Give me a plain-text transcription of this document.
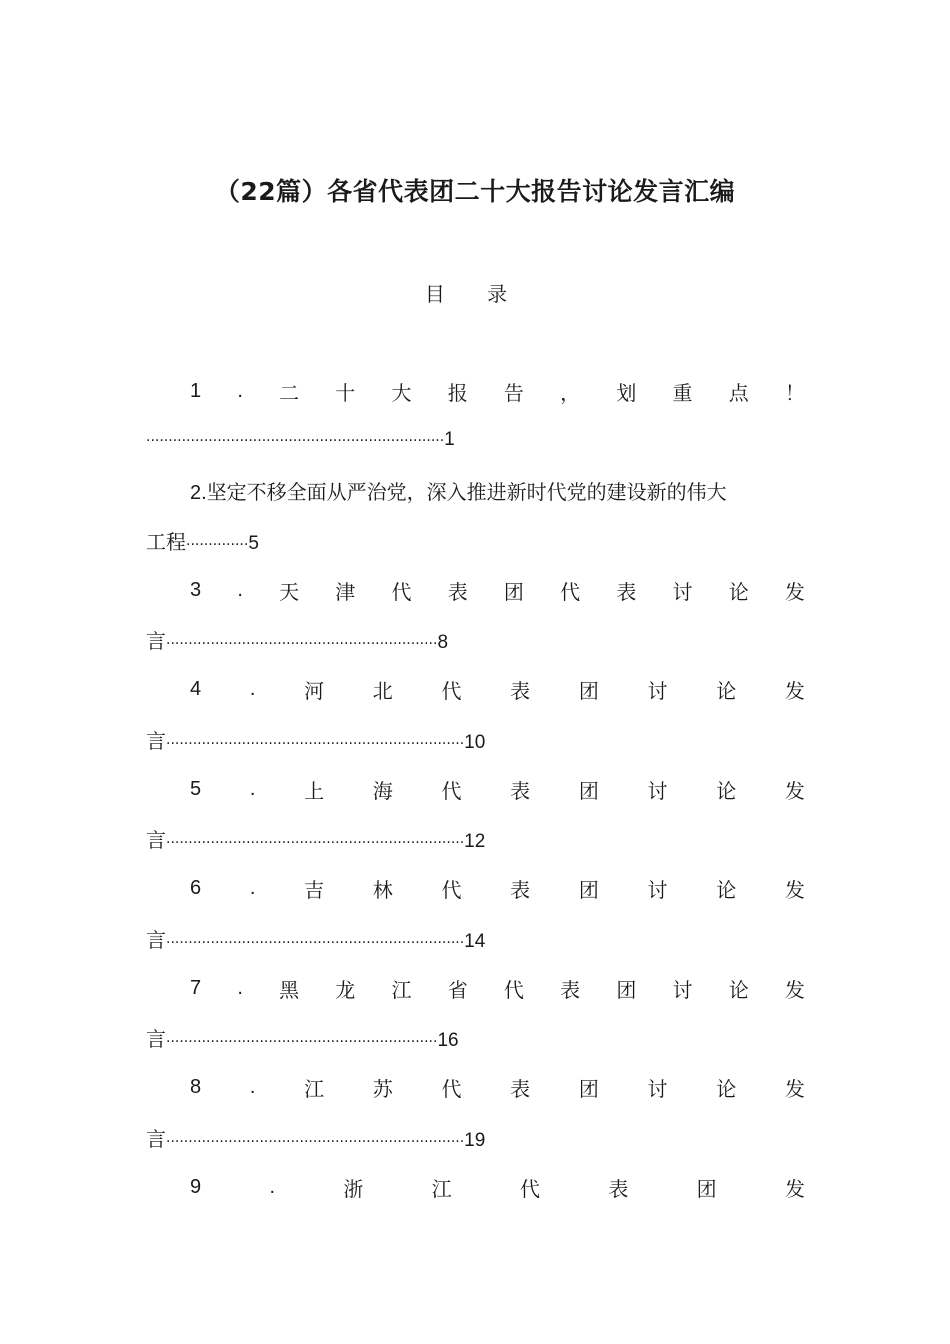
（22篇）各省代表团二十大报告讨论发言汇编
目 录
1 . 二 十 大 报 告 ， 划 重 点 ！
···································································1
2.坚定不移全面从严治党，深入推进新时代党的建设新的伟大
工程··············5
3 . 天 津 代 表 团 代 表 讨 论 发
言·····························································8
4 . 河 北 代 表 团 讨 论 发
言···································································10
5 . 上 海 代 表 团 讨 论 发
言···································································12
6 . 吉 林 代 表 团 讨 论 发
言···································································14
7 . 黑 龙 江 省 代 表 团 讨 论 发
言·····························································16
8 . 江 苏 代 表 团 讨 论 发
言···································································19
9	.	浙	江	代	表	团	发
